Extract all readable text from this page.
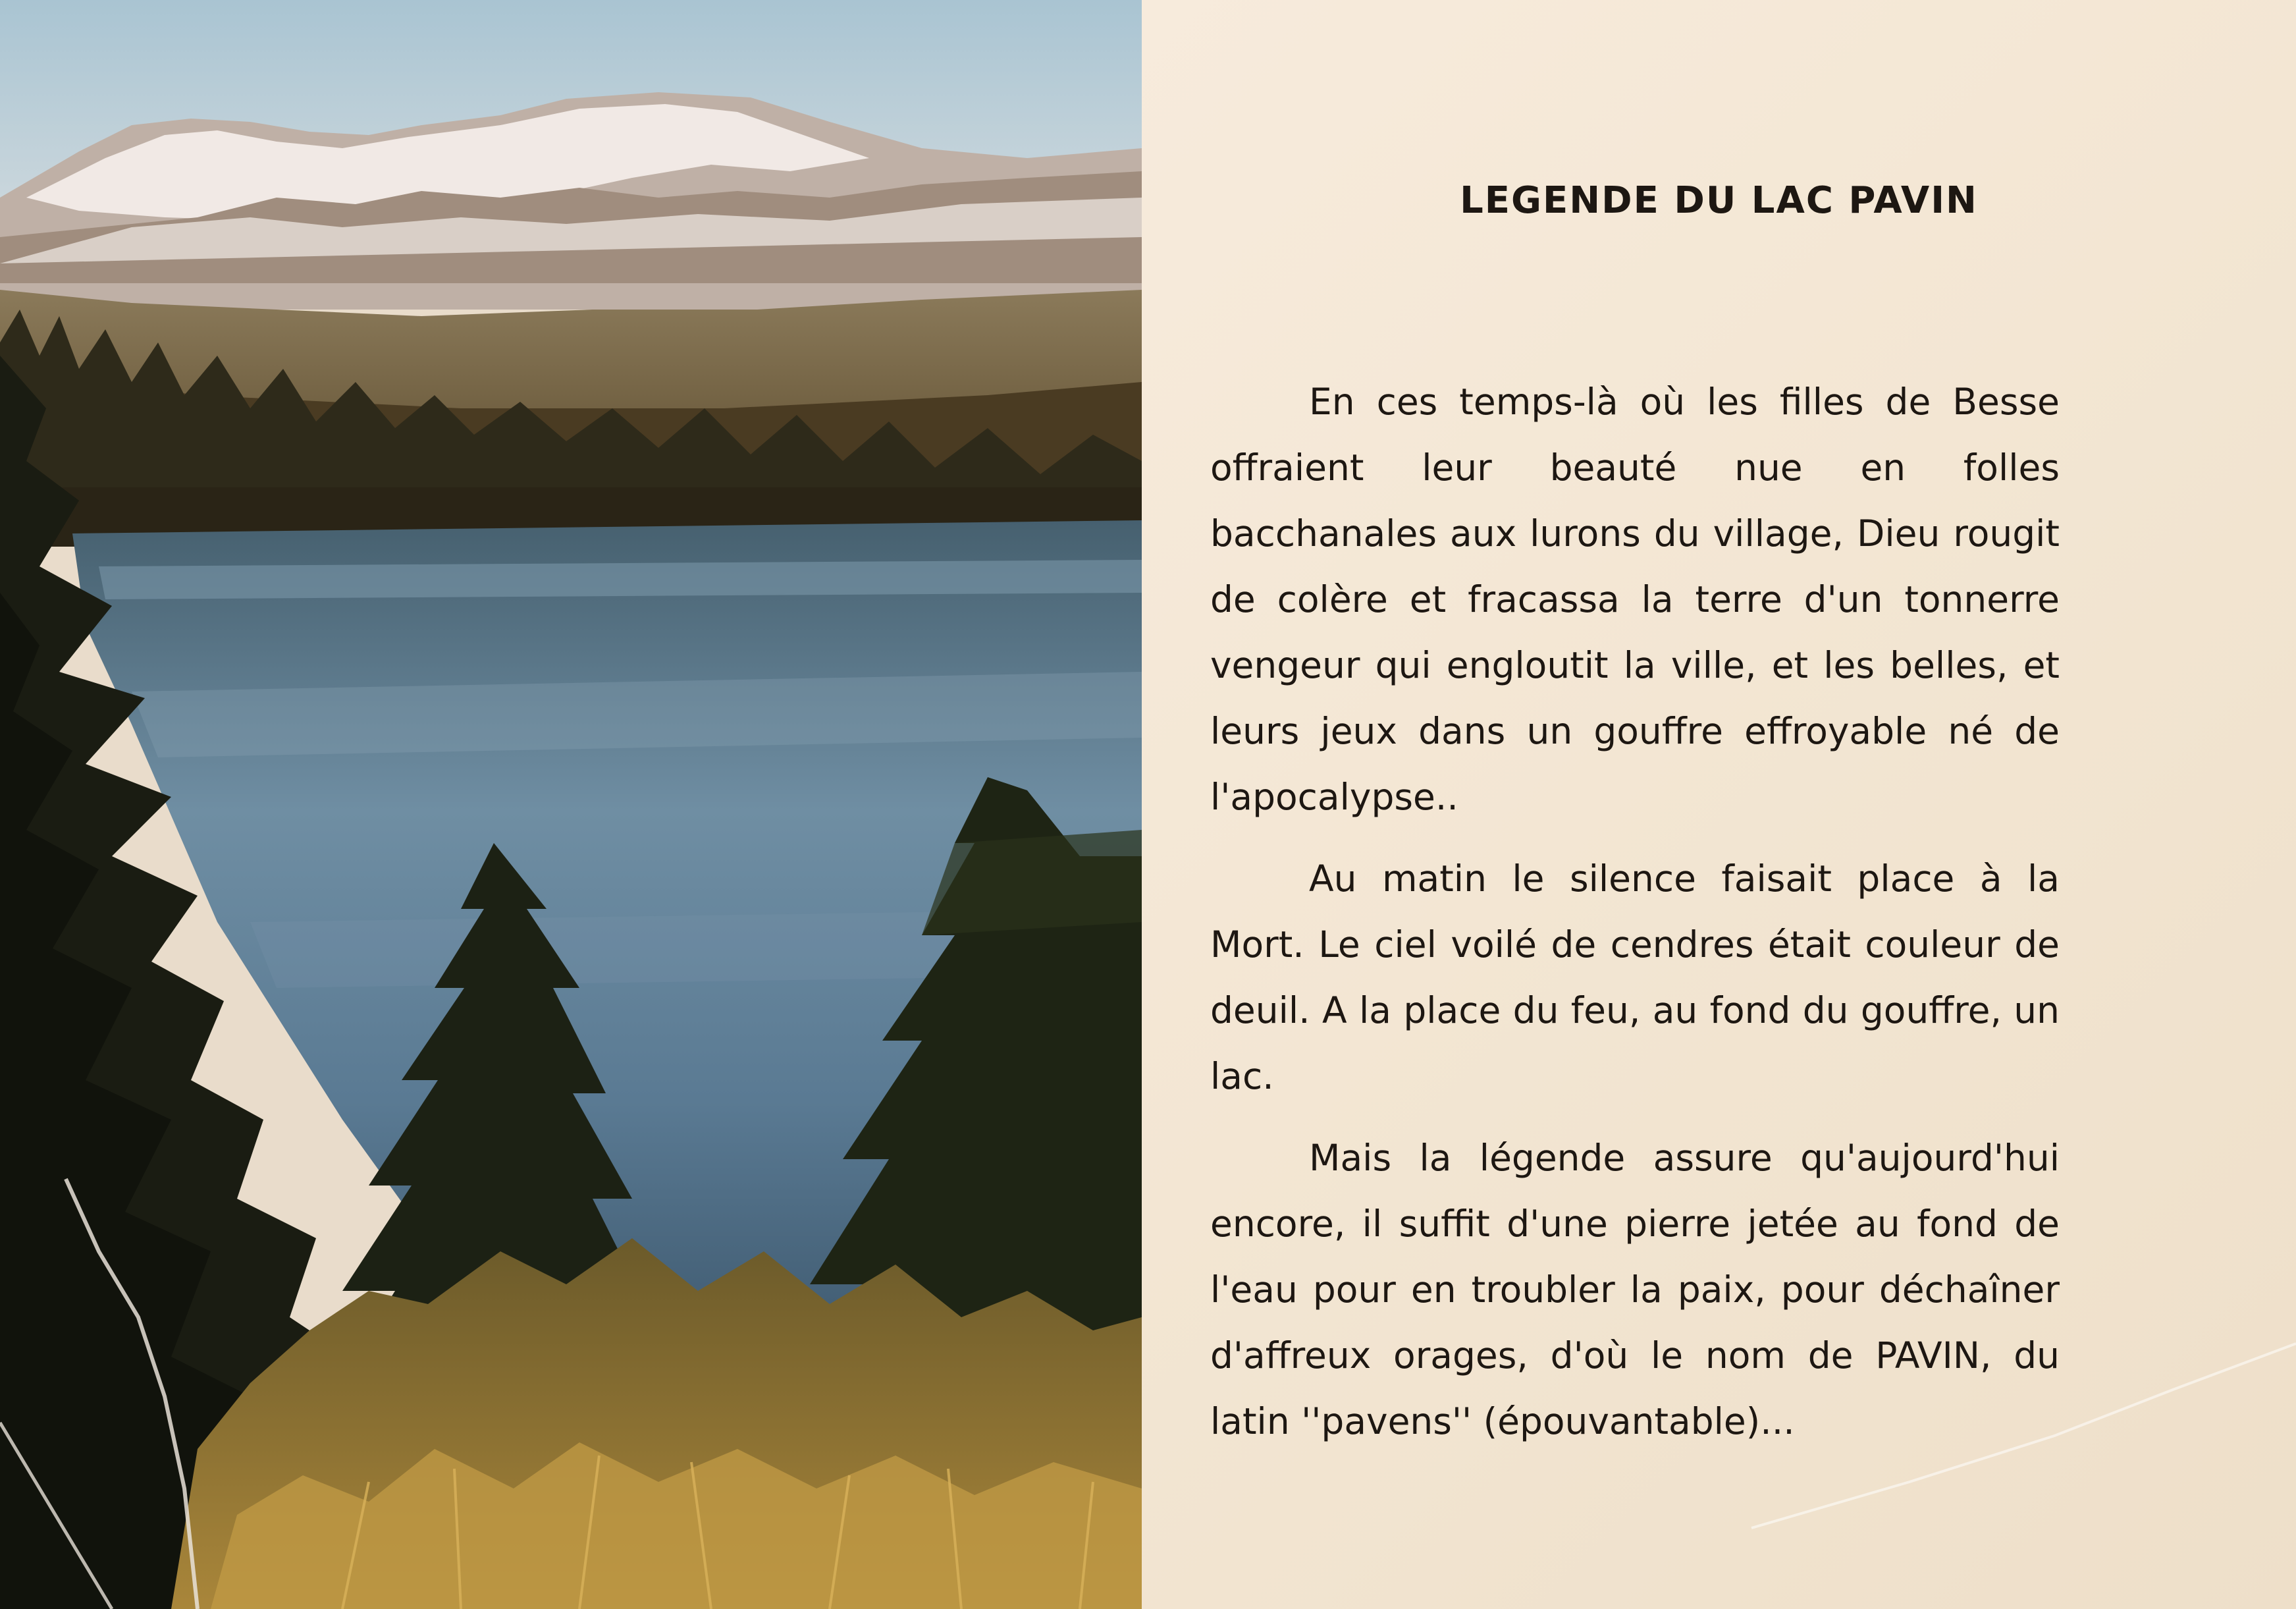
LEGENDE DU LAC PAVIN

En ces temps-là où les filles de Besse offraient leur beauté nue en folles bacchanales aux lurons du village, Dieu rougit de colère et fracassa la terre d'un tonnerre vengeur qui engloutit la ville, et les belles, et leurs jeux dans un gouffre effroyable né de l'apocalypse..

Au matin le silence faisait place à la Mort. Le ciel voilé de cendres était couleur de deuil. A la place du feu, au fond du gouffre, un lac.

Mais la légende assure qu'aujourd'hui encore, il suffit d'une pierre jetée au fond de l'eau pour en troubler la paix, pour déchaîner d'affreux orages, d'où le nom de PAVIN, du latin ''pavens'' (épouvantable)...
